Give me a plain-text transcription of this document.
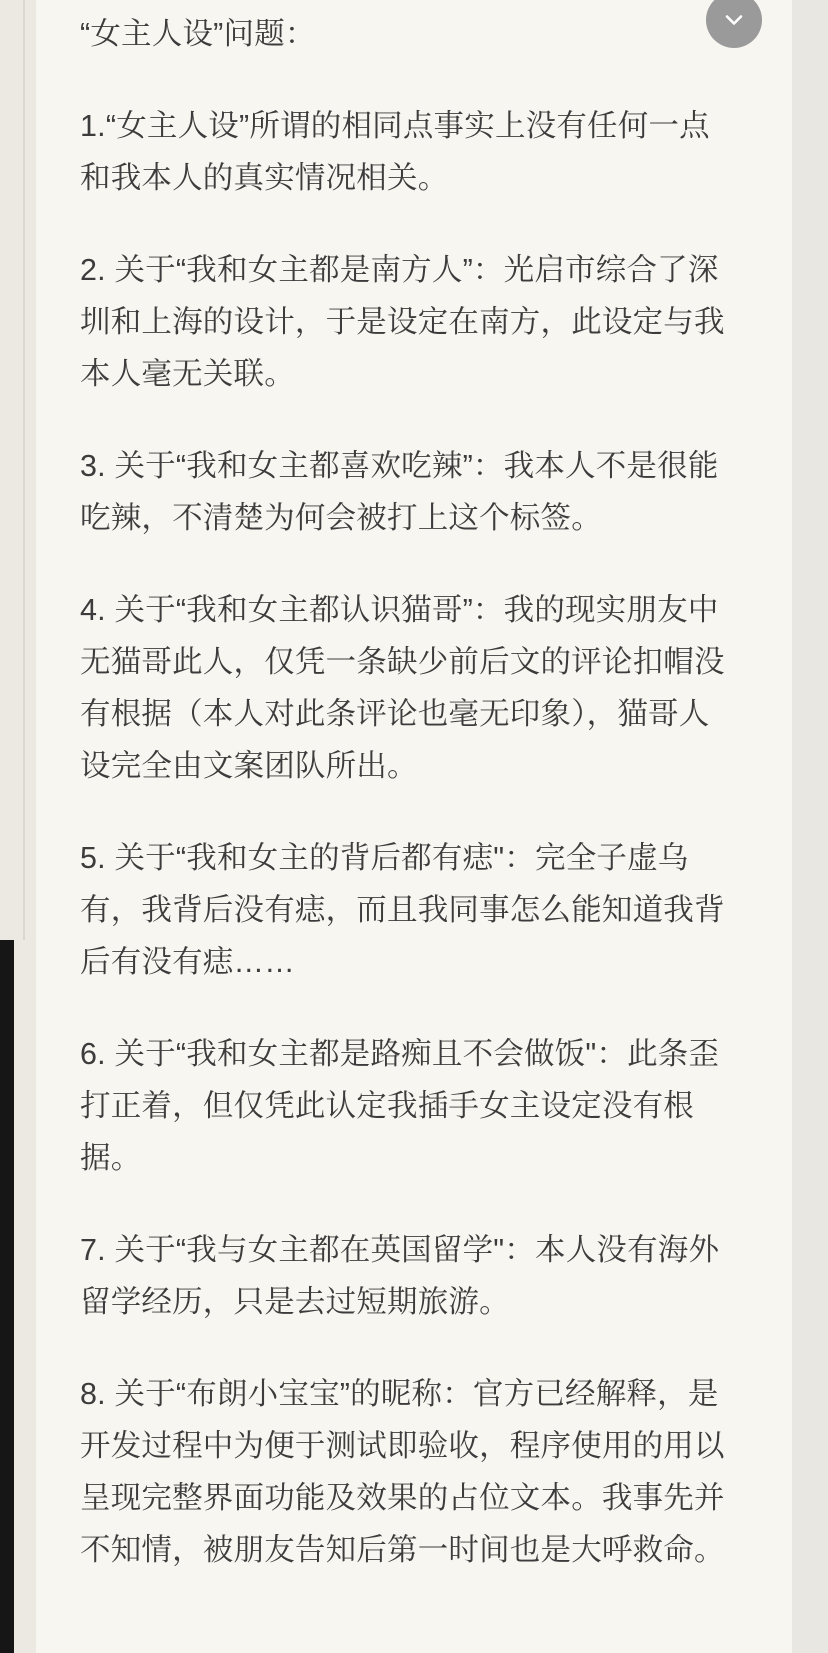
“女主人设”问题：

1.“女主人设”所谓的相同点事实上没有任何一点和我本人的真实情况相关。

2. 关于“我和女主都是南方人”：光启市综合了深圳和上海的设计，于是设定在南方，此设定与我本人毫无关联。

3. 关于“我和女主都喜欢吃辣”：我本人不是很能吃辣，不清楚为何会被打上这个标签。

4. 关于“我和女主都认识猫哥”：我的现实朋友中无猫哥此人，仅凭一条缺少前后文的评论扣帽没有根据（本人对此条评论也毫无印象），猫哥人设完全由文案团队所出。

5. 关于“我和女主的背后都有痣"：完全子虚乌有，我背后没有痣，而且我同事怎么能知道我背后有没有痣……

6. 关于“我和女主都是路痴且不会做饭"：此条歪打正着，但仅凭此认定我插手女主设定没有根据。

7. 关于“我与女主都在英国留学"：本人没有海外留学经历，只是去过短期旅游。

8. 关于“布朗小宝宝”的昵称：官方已经解释，是开发过程中为便于测试即验收，程序使用的用以呈现完整界面功能及效果的占位文本。我事先并不知情，被朋友告知后第一时间也是大呼救命。
